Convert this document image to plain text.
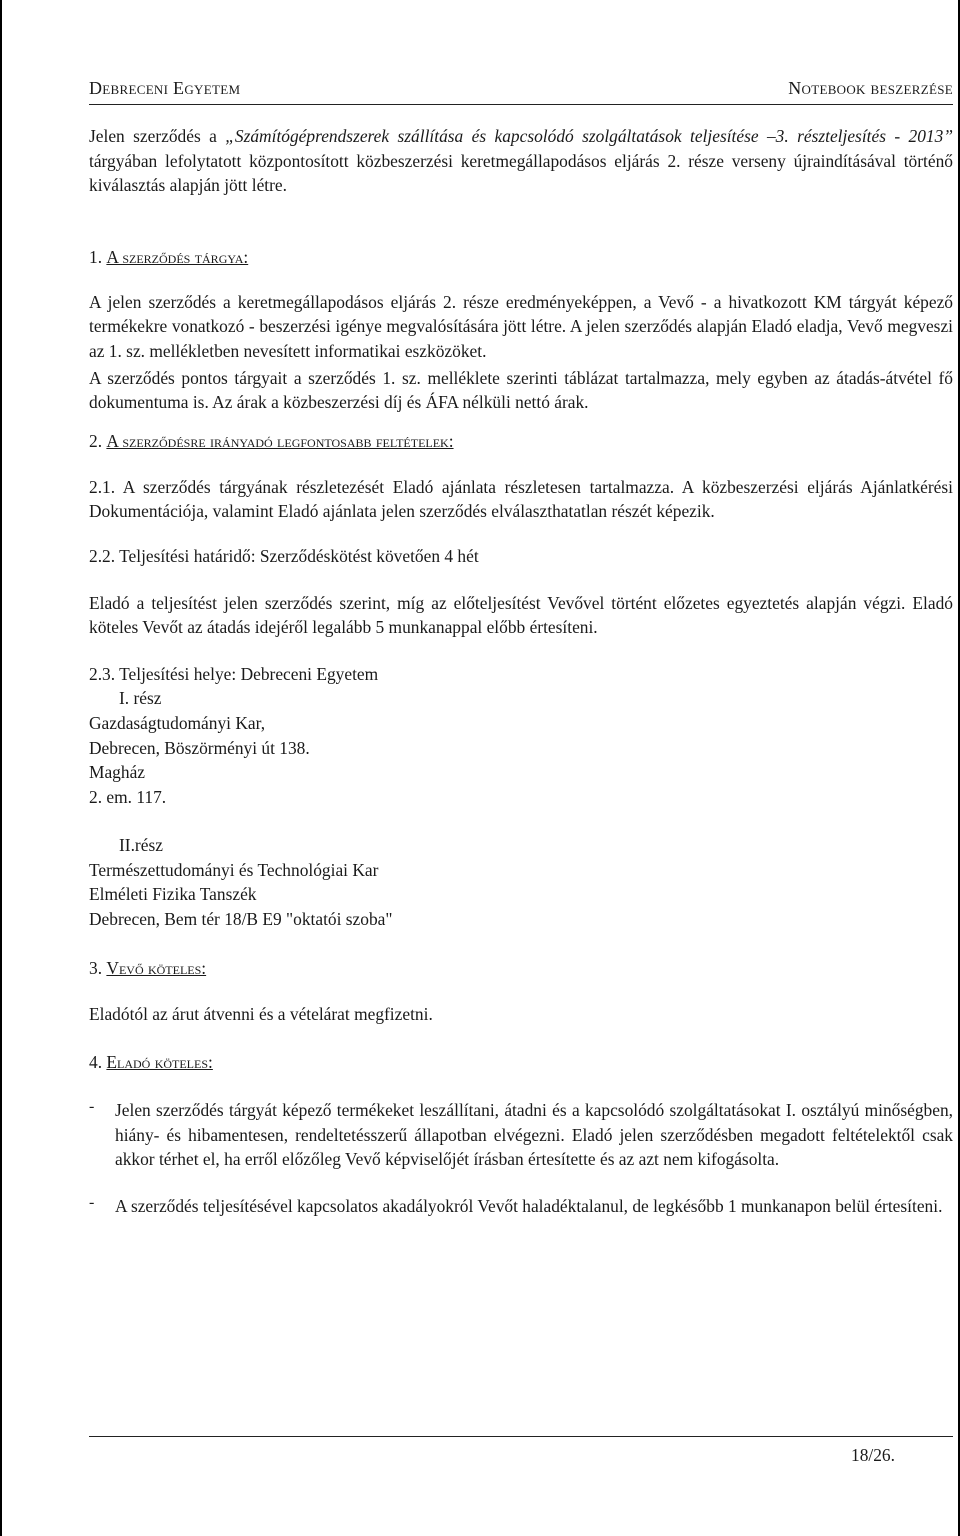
Debreceni Egyetem	Notebook beszerzése

Jelen szerződés a „Számítógéprendszerek szállítása és kapcsolódó szolgáltatások teljesítése –3. részteljesítés - 2013” tárgyában lefolytatott központosított közbeszerzési keretmegállapodásos eljárás 2. része verseny újraindításával történő kiválasztás alapján jött létre.

1. A szerződés tárgya:

A jelen szerződés a keretmegállapodásos eljárás 2. része eredményeképpen, a Vevő - a hivatkozott KM tárgyát képező termékekre vonatkozó - beszerzési igénye megvalósítására jött létre. A jelen szerződés alapján Eladó eladja, Vevő megveszi az 1. sz. mellékletben nevesített informatikai eszközöket.

A szerződés pontos tárgyait a szerződés 1. sz. melléklete szerinti táblázat tartalmazza, mely egyben az átadás-átvétel fő dokumentuma is. Az árak a közbeszerzési díj és ÁFA nélküli nettó árak.

2. A szerződésre irányadó legfontosabb feltételek:

2.1. A szerződés tárgyának részletezését Eladó ajánlata részletesen tartalmazza. A közbeszerzési eljárás Ajánlatkérési Dokumentációja, valamint Eladó ajánlata jelen szerződés elválaszthatatlan részét képezik.

2.2. Teljesítési határidő: Szerződéskötést követően 4 hét

Eladó a teljesítést jelen szerződés szerint, míg az előteljesítést Vevővel történt előzetes egyeztetés alapján végzi. Eladó köteles Vevőt az átadás idejéről legalább 5 munkanappal előbb értesíteni.

2.3. Teljesítési helye: Debreceni Egyetem

I. rész

Gazdaságtudományi Kar,

Debrecen, Böszörményi út 138.

Magház

2. em. 117.

II.rész

Természettudományi és Technológiai Kar

Elméleti Fizika Tanszék

Debrecen, Bem tér 18/B E9 "oktatói szoba"

3. Vevő köteles:

Eladótól az árut átvenni és a vételárat megfizetni.

4. Eladó köteles:

-	Jelen szerződés tárgyát képező termékeket leszállítani, átadni és a kapcsolódó szolgáltatásokat I. osztályú minőségben, hiány- és hibamentesen, rendeltetésszerű állapotban elvégezni. Eladó jelen szerződésben megadott feltételektől csak akkor térhet el, ha erről előzőleg Vevő képviselőjét írásban értesítette és az azt nem kifogásolta.
-	A szerződés teljesítésével kapcsolatos akadályokról Vevőt haladéktalanul, de legkésőbb 1 munkanapon belül értesíteni.
18/26.
